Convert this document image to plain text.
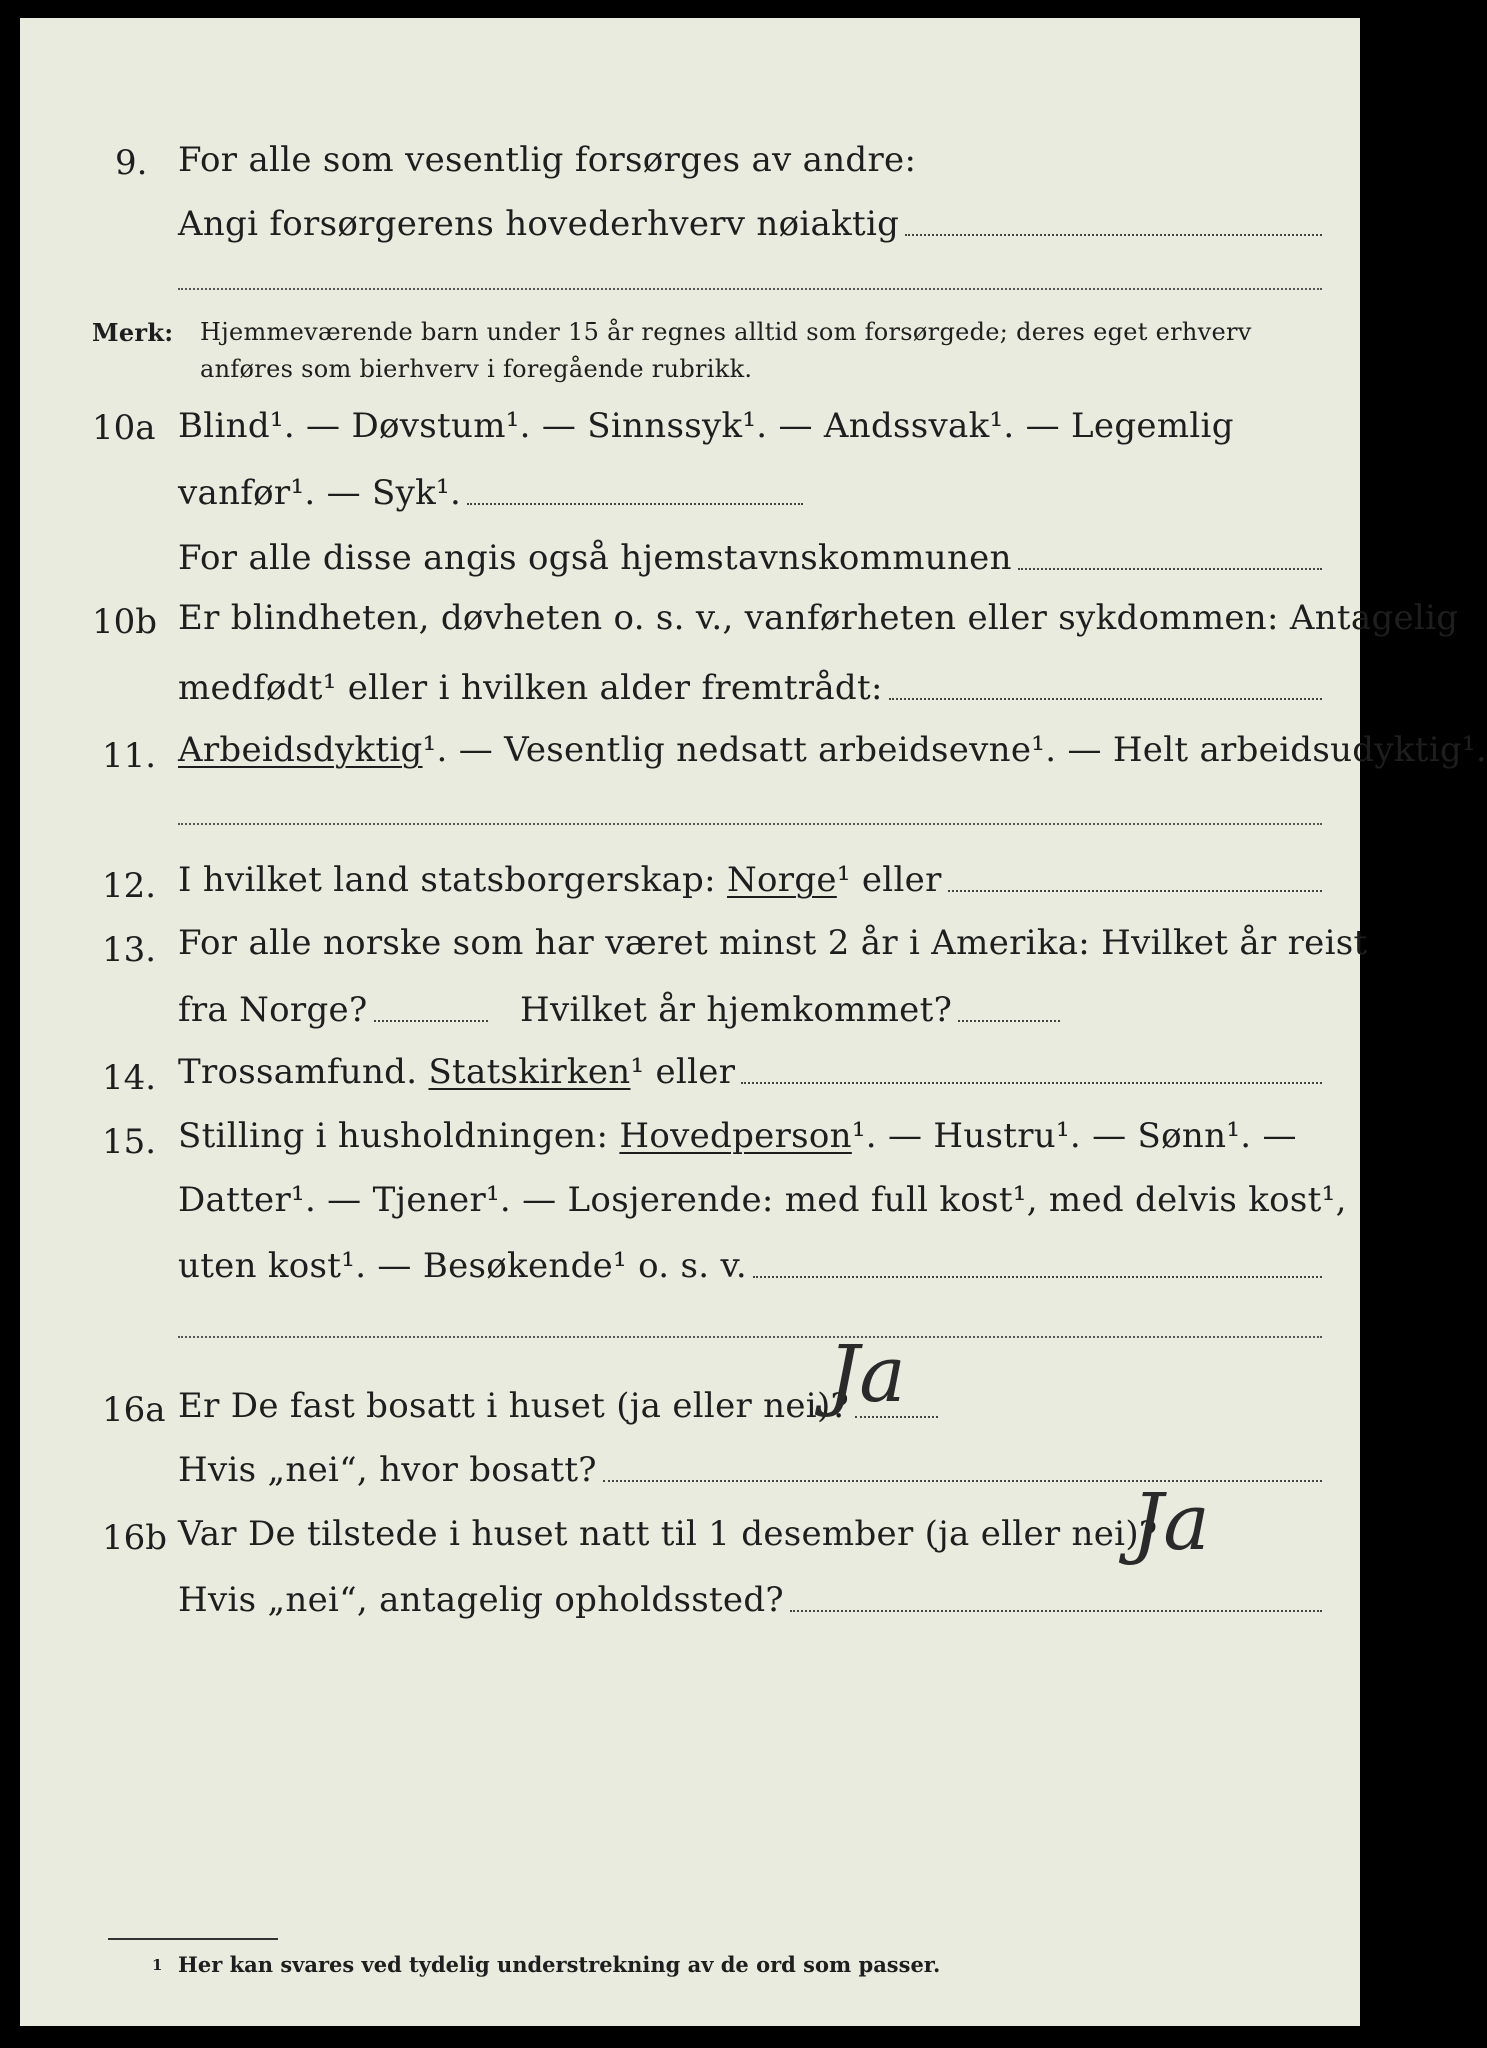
9. For alle som vesentlig forsørges av andre:
Angi forsørgerens hovederhverv nøiaktig
Merk: Hjemmeværende barn under 15 år regnes alltid som forsørgede; deres eget erhverv
anføres som bierhverv i foregående rubrikk.
10a Blind¹. — Døvstum¹. — Sinnssyk¹. — Andssvak¹. — Legemlig
vanfør¹. — Syk¹.
For alle disse angis også hjemstavnskommunen
10b Er blindheten, døvheten o. s. v., vanførheten eller sykdommen: Antagelig
medfødt¹ eller i hvilken alder fremtrådt:
11. Arbeidsdyktig¹. — Vesentlig nedsatt arbeidsevne¹. — Helt arbeidsudyktig¹.
12. I hvilket land statsborgerskap: Norge¹ eller
13. For alle norske som har været minst 2 år i Amerika: Hvilket år reist
fra Norge?	Hvilket år hjemkommet?
14. Trossamfund. Statskirken¹ eller
15. Stilling i husholdningen: Hovedperson¹. — Hustru¹. — Sønn¹. —
Datter¹. — Tjener¹. — Losjerende: med full kost¹, med delvis kost¹,
uten kost¹. — Besøkende¹ o. s. v.
16a Er De fast bosatt i huset (ja eller nei)?
Ja
Hvis „nei“, hvor bosatt?
16b Var De tilstede i huset natt til 1 desember (ja eller nei)?
Ja
Hvis „nei“, antagelig opholdssted?
1 Her kan svares ved tydelig understrekning av de ord som passer.
